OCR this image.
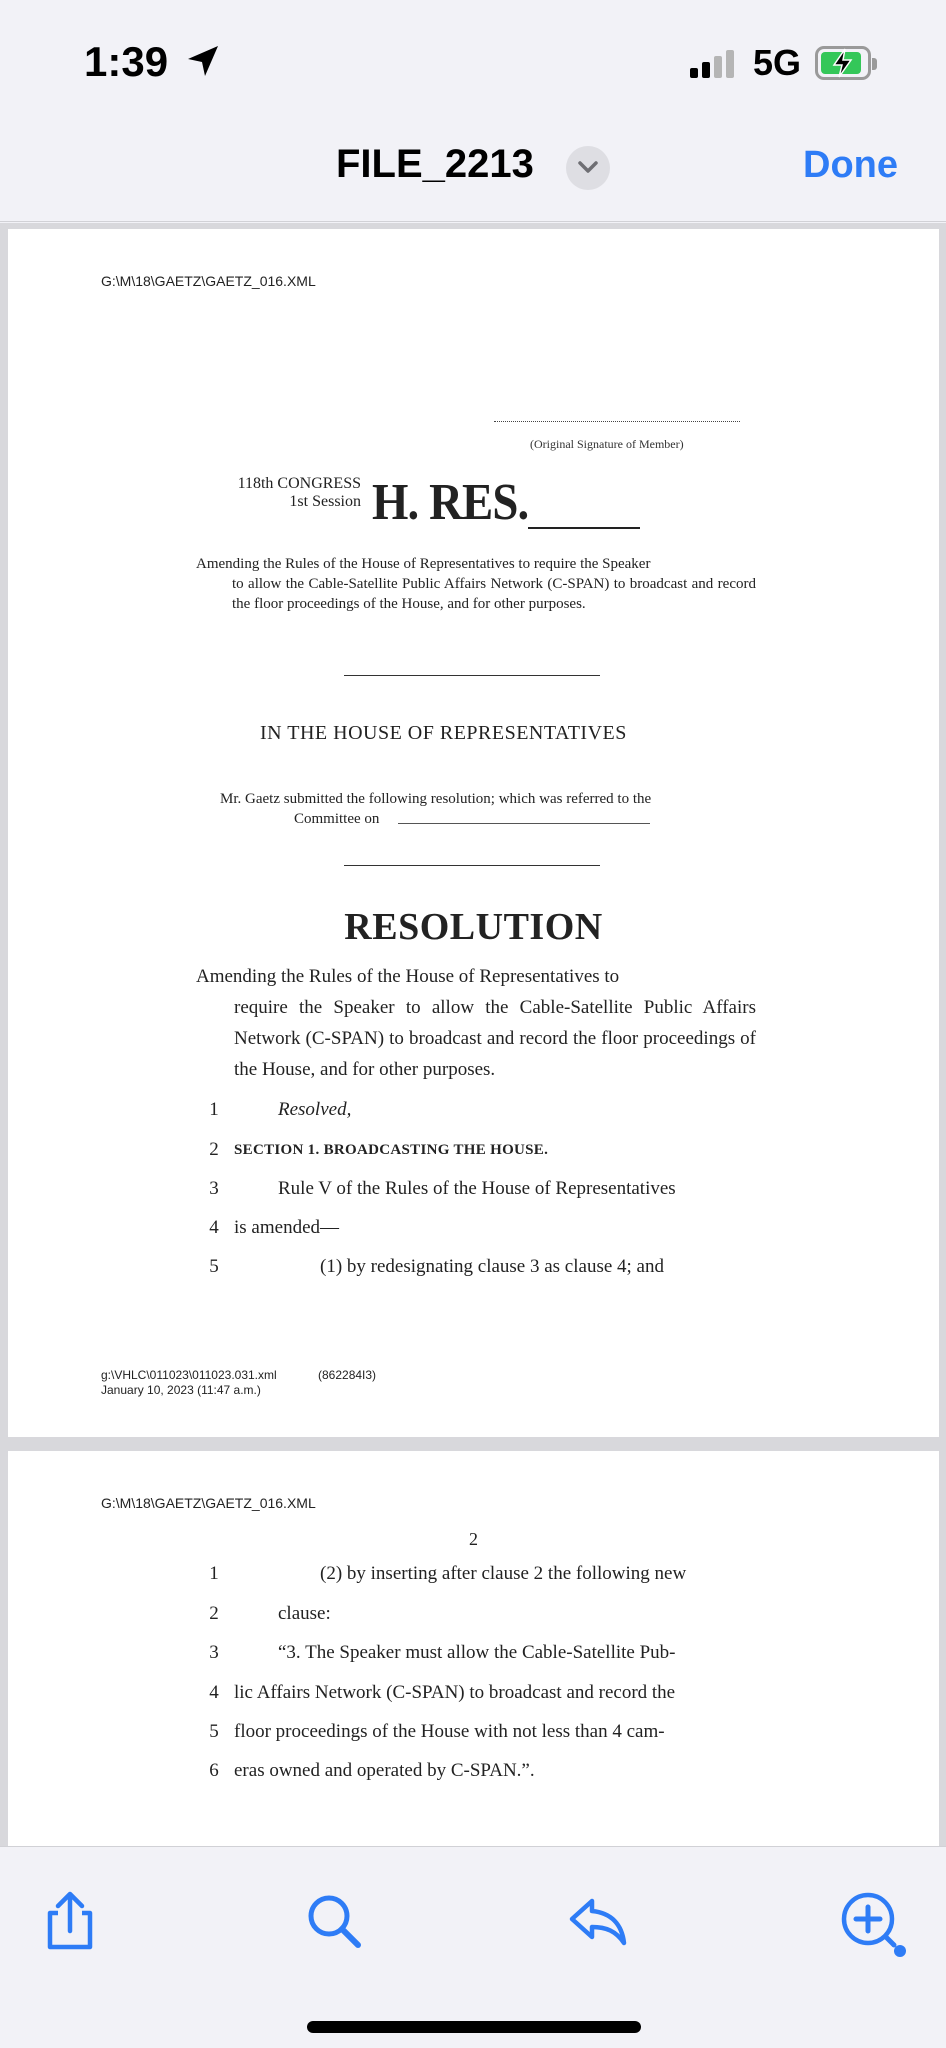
1:39	5G
FILE_2213	Done
G:\M\18\GAETZ\GAETZ_016.XML
(Original Signature of Member)
118th CONGRESS
1st Session H. RES.
Amending the Rules of the House of Representatives to require the Speaker
to allow the Cable-Satellite Public Affairs Network (C-SPAN) to broadcast and record the floor proceedings of the House, and for other purposes.
IN THE HOUSE OF REPRESENTATIVES
Mr. Gaetz submitted the following resolution; which was referred to the
Committee on
RESOLUTION
Amending the Rules of the House of Representatives to
require the Speaker to allow the Cable-Satellite Public Affairs Network (C-SPAN) to broadcast and record the floor proceedings of the House, and for other purposes.
1	Resolved,
2	SECTION 1. BROADCASTING THE HOUSE.
3	Rule V of the Rules of the House of Representatives
4 is amended—
5	(1) by redesignating clause 3 as clause 4; and
g:\VHLC\011023\011023.031.xml
January 10, 2023 (11:47 a.m.)
(862284I3)
G:\M\18\GAETZ\GAETZ_016.XML
2
1	(2) by inserting after clause 2 the following new
2	clause:
3	“3. The Speaker must allow the Cable-Satellite Pub-
4 lic Affairs Network (C-SPAN) to broadcast and record the
5 floor proceedings of the House with not less than 4 cam-
6 eras owned and operated by C-SPAN.”.
